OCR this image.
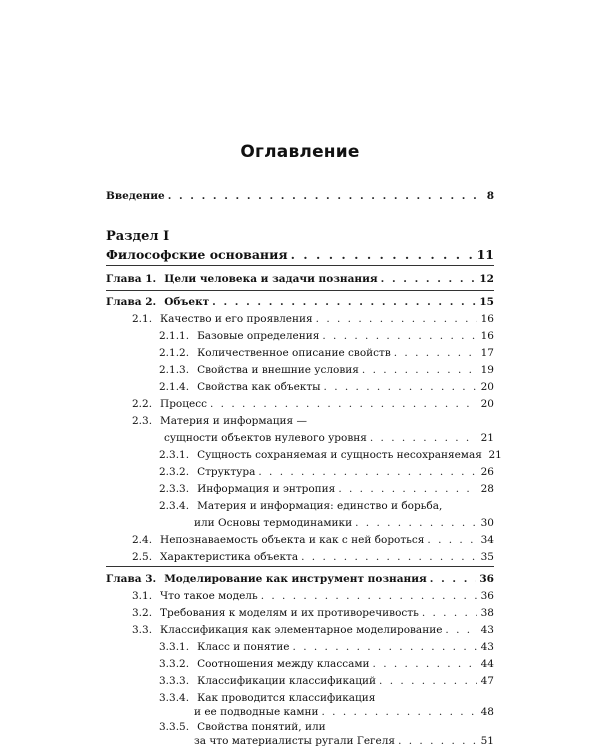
Оглавление
Введение . . .	8
Раздел I
Философские основания . . .	11
Глава 1. Цели человека и задачи познания . . .	12
Глава 2. Объект . . .	15
2.1. Качество и его проявления . . .	16
2.1.1. Базовые определения . . .	16
2.1.2. Количественное описание свойств . . .	17
2.1.3. Свойства и внешние условия . . .	19
2.1.4. Свойства как объекты . . .	20
2.2. Процесс . . .	20
2.3. Материя и информация —
сущности объектов нулевого уровня . . .	21
2.3.1. Сущность сохраняемая и сущность несохраняемая 21
2.3.2. Структура . . .	26
2.3.3. Информация и энтропия . . .	28
2.3.4. Материя и информация: единство и борьба,
или Основы термодинамики . . .	30
2.4. Непознаваемость объекта и как с ней бороться . . .	34
2.5. Характеристика объекта . . .	35
Глава 3. Моделирование как инструмент познания . . .	36
3.1. Что такое модель . . .	36
3.2. Требования к моделям и их противоречивость . . .	38
3.3. Классификация как элементарное моделирование . . .	43
3.3.1. Класс и понятие . . .	43
3.3.2. Соотношения между классами . . .	44
3.3.3. Классификации классификаций . . .	47
3.3.4. Как проводится классификация
и ее подводные камни . . .	48
3.3.5. Свойства понятий, или
за что материалисты ругали Гегеля . . .	51
